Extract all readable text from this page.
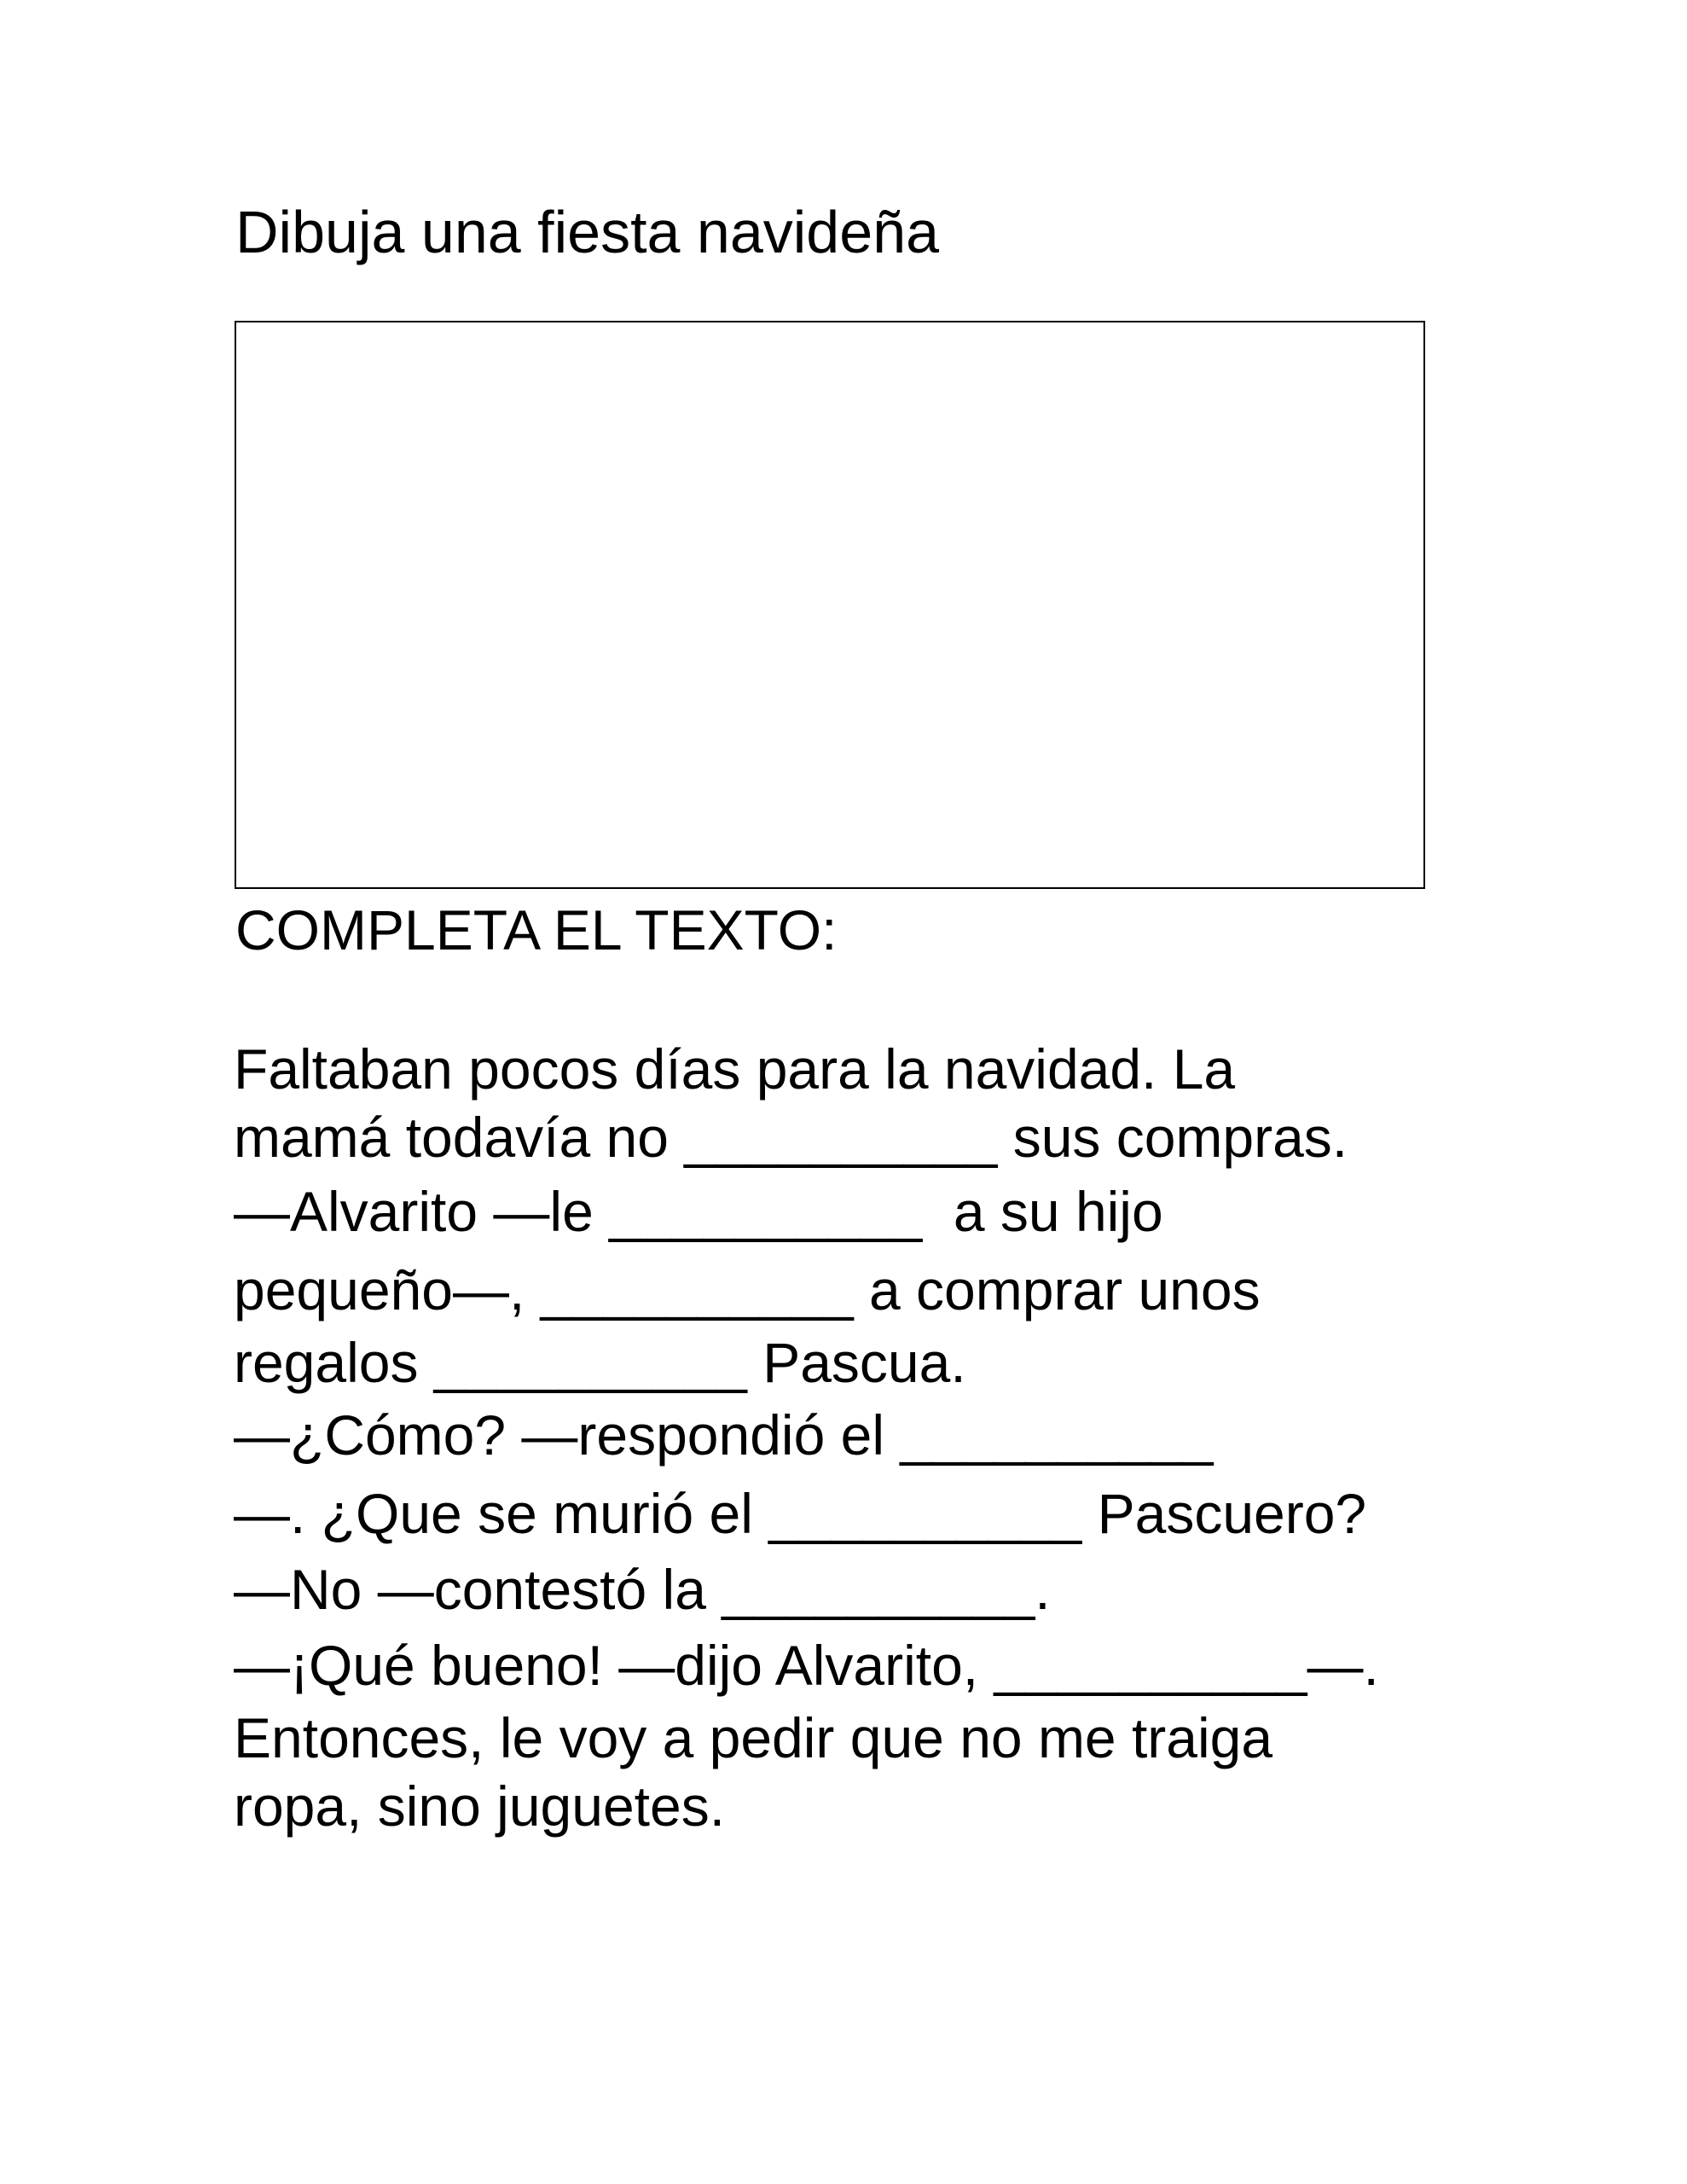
Dibuja una fiesta navideña
COMPLETA EL TEXTO:
Faltaban pocos días para la navidad. La
mamá todavía no __________ sus compras.
—Alvarito —le __________  a su hijo
pequeño—, __________ a comprar unos
regalos __________ Pascua.
—¿Cómo? —respondió el __________
—. ¿Que se murió el __________ Pascuero?
—No —contestó la __________.
—¡Qué bueno! —dijo Alvarito, __________—.
Entonces, le voy a pedir que no me traiga
ropa, sino juguetes.
